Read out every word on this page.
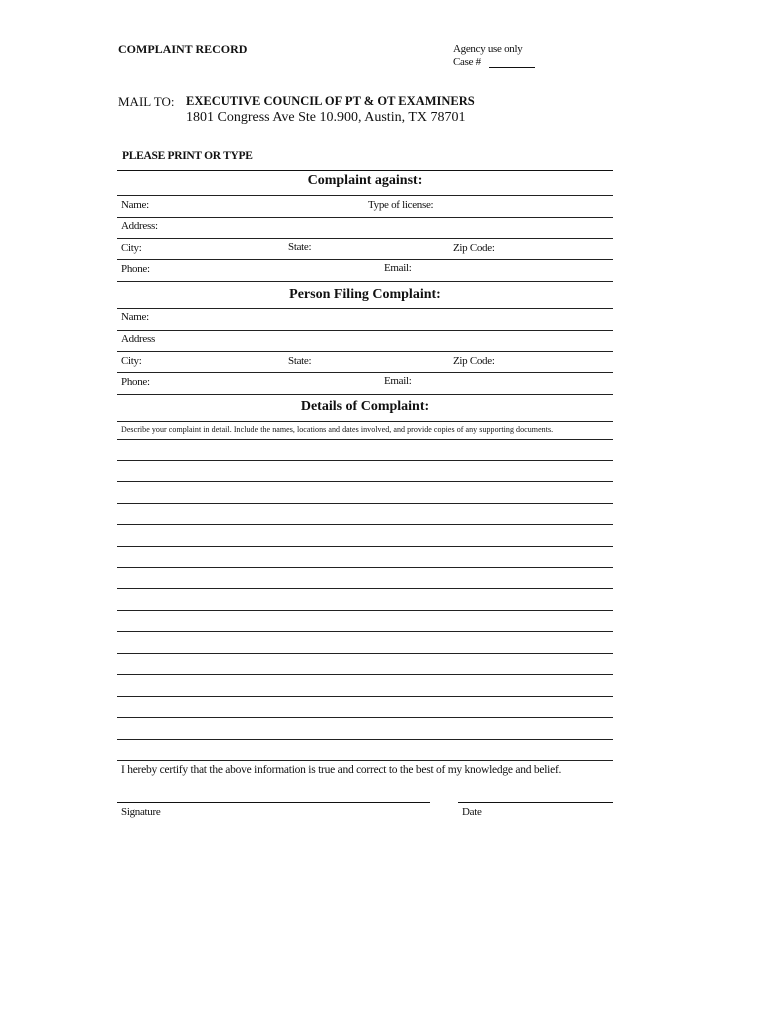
COMPLAINT RECORD	Agency use only
Case #
MAIL TO: EXECUTIVE COUNCIL OF PT & OT EXAMINERS
1801 Congress Ave Ste 10.900, Austin, TX 78701
PLEASE PRINT OR TYPE
Complaint against:
Name:	Type of license:
Address:
City:	State:	Zip Code:
Phone:	Email:
Person Filing Complaint:
Name:
Address
City:	State:	Zip Code:
Phone:	Email:
Details of Complaint:
Describe your complaint in detail. Include the names, locations and dates involved, and provide copies of any supporting documents.
I hereby certify that the above information is true and correct to the best of my knowledge and belief.
Signature	Date
